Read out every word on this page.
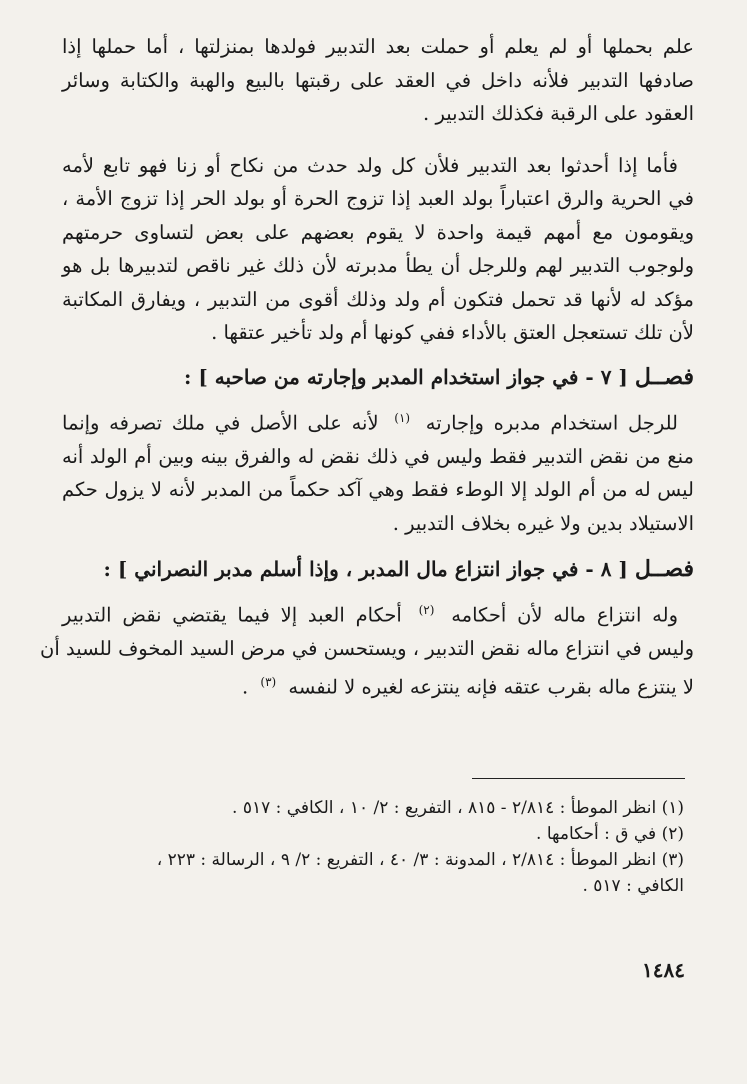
علم بحملها أو لم يعلم أو حملت بعد التدبير فولدها بمنزلتها ، أما حملها إذا
صادفها التدبير فلأنه داخل في العقد على رقبتها بالبيع والهبة والكتابة وسائر
العقود على الرقبة فكذلك التدبير .
فأما إذا أحدثوا بعد التدبير فلأن كل ولد حدث من نكاح أو زنا فهو تابع لأمه
في الحرية والرق اعتباراً بولد العبد إذا تزوج الحرة أو بولد الحر إذا تزوج الأمة ،
ويقومون مع أمهم قيمة واحدة لا يقوم بعضهم على بعض لتساوى حرمتهم
ولوجوب التدبير لهم وللرجل أن يطأ مدبرته لأن ذلك غير ناقص لتدبيرها بل هو
مؤكد له لأنها قد تحمل فتكون أم ولد وذلك أقوى من التدبير ، ويفارق المكاتبة
لأن تلك تستعجل العتق بالأداء ففي كونها أم ولد تأخير عتقها .
فصــل [ ٧ - في جواز استخدام المدبر وإجارته من صاحبه ] :
للرجل استخدام مدبره وإجارته $^{(١)}$ لأنه على الأصل في ملك تصرفه وإنما
منع من نقض التدبير فقط وليس في ذلك نقض له والفرق بينه وبين أم الولد أنه
ليس له من أم الولد إلا الوطء فقط وهي آكد حكماً من المدبر لأنه لا يزول حكم
الاستيلاد بدين ولا غيره بخلاف التدبير .
فصــل [ ٨ - في جواز انتزاع مال المدبر ، وإذا أسلم مدبر النصراني ] :
وله انتزاع ماله لأن أحكامه $^{(٢)}$ أحكام العبد إلا فيما يقتضي نقض التدبير
وليس في انتزاع ماله نقض التدبير ، ويستحسن في مرض السيد المخوف للسيد أن
لا ينتزع ماله بقرب عتقه فإنه ينتزعه لغيره لا لنفسه $^{(٣)}$ .
(١) انظر الموطأ : ٢/٨١٤ - ٨١٥ ، التفريع : ٢/ ١٠ ، الكافي : ٥١٧ .
(٢) في ق : أحكامها .
(٣) انظر الموطأ : ٢/٨١٤ ، المدونة : ٣/ ٤٠ ، التفريع : ٢/ ٩ ، الرسالة : ٢٢٣ ،
الكافي : ٥١٧ .
١٤٨٤
